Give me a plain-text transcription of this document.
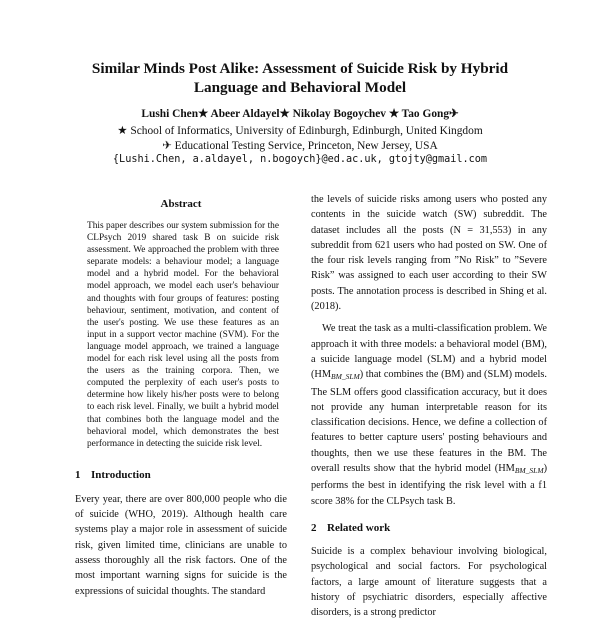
Similar Minds Post Alike: Assessment of Suicide Risk by Hybrid Language and Behavioral Model
Lushi Chen★ Abeer Aldayel★ Nikolay Bogoychev ★ Tao Gong✈
★ School of Informatics, University of Edinburgh, Edinburgh, United Kingdom
✈ Educational Testing Service, Princeton, New Jersey, USA
{Lushi.Chen, a.aldayel, n.bogoych}@ed.ac.uk, gtojty@gmail.com
Abstract

This paper describes our system submission for the CLPsych 2019 shared task B on suicide risk assessment. We approached the problem with three separate models: a behaviour model; a language model and a hybrid model. For the behavioral model approach, we model each user's behaviour and thoughts with four groups of features: posting behaviour, sentiment, motivation, and content of the user's posting. We use these features as an input in a support vector machine (SVM). For the language model approach, we trained a language model for each risk level using all the posts from the users as the training corpora. Then, we computed the perplexity of each user's posts to determine how likely his/her posts were to belong to each risk level. Finally, we built a hybrid model that combines both the language model and the behavioral model, which demonstrates the best performance in detecting the suicide risk level.

1 Introduction

Every year, there are over 800,000 people who die of suicide (WHO, 2019). Although health care systems play a major role in assessment of suicide risk, given limited time, clinicians are unable to assess thoroughly all the risk factors. One of the most important warning signs for suicide is the expressions of suicidal thoughts. The standard

the levels of suicide risks among users who posted any contents in the suicide watch (SW) subreddit. The dataset includes all the posts (N = 31,553) in any subreddit from 621 users who had posted on SW. One of the four risk levels ranging from ”No Risk” to ”Severe Risk” was assigned to each user according to their SW posts. The annotation process is described in Shing et al. (2018).

We treat the task as a multi-classification problem. We approach it with three models: a behavioral model (BM), a suicide language model (SLM) and a hybrid model $(HM_{BM\_SLM})$ that combines the (BM) and (SLM) models. The SLM offers good classification accuracy, but it does not provide any human interpretable reason for its classification decisions. Hence, we define a collection of features to better capture users' posting behaviours and thoughts, then we use these features in the BM. The overall results show that the hybrid model $(HM_{BM\_SLM})$ performs the best in identifying the risk level with a f1 score 38% for the CLPsych task B.

2 Related work

Suicide is a complex behaviour involving biological, psychological and social factors. For psychological factors, a large amount of literature suggests that a history of psychiatric disorders, especially affective disorders, is a strong predictor
